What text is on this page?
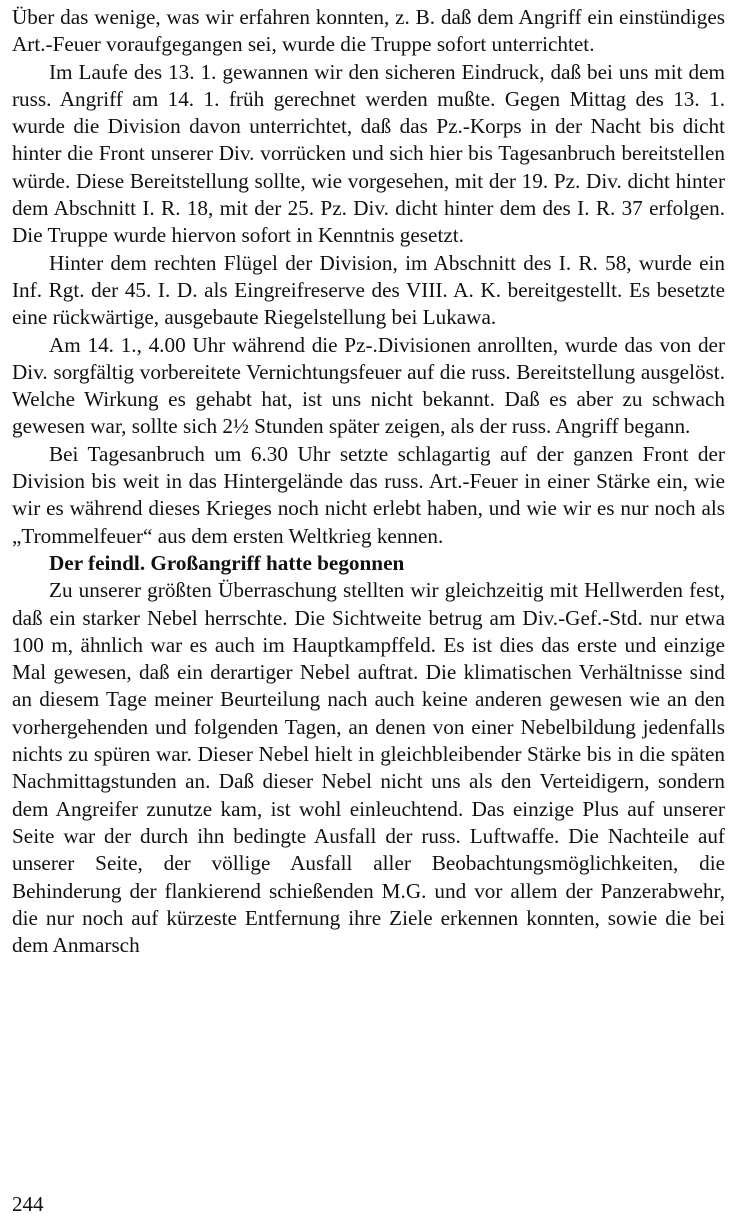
Über das wenige, was wir erfahren konnten, z. B. daß dem Angriff ein einstündiges Art.-Feuer voraufgegangen sei, wurde die Truppe sofort unterrichtet.

Im Laufe des 13. 1. gewannen wir den sicheren Eindruck, daß bei uns mit dem russ. Angriff am 14. 1. früh gerechnet werden mußte. Gegen Mittag des 13. 1. wurde die Division davon unterrichtet, daß das Pz.-Korps in der Nacht bis dicht hinter die Front unserer Div. vorrücken und sich hier bis Tagesanbruch bereitstellen würde. Diese Bereitstellung sollte, wie vorgesehen, mit der 19. Pz. Div. dicht hinter dem Abschnitt I. R. 18, mit der 25. Pz. Div. dicht hinter dem des I. R. 37 erfolgen. Die Truppe wurde hiervon sofort in Kenntnis gesetzt.

Hinter dem rechten Flügel der Division, im Abschnitt des I. R. 58, wurde ein Inf. Rgt. der 45. I. D. als Eingreifreserve des VIII. A. K. bereitgestellt. Es besetzte eine rückwärtige, ausgebaute Riegelstellung bei Lukawa.

Am 14. 1., 4.00 Uhr während die Pz-.Divisionen anrollten, wurde das von der Div. sorgfältig vorbereitete Vernichtungsfeuer auf die russ. Bereitstellung ausgelöst. Welche Wirkung es gehabt hat, ist uns nicht bekannt. Daß es aber zu schwach gewesen war, sollte sich 2½ Stunden später zeigen, als der russ. Angriff begann.

Bei Tagesanbruch um 6.30 Uhr setzte schlagartig auf der ganzen Front der Division bis weit in das Hintergelände das russ. Art.-Feuer in einer Stärke ein, wie wir es während dieses Krieges noch nicht erlebt haben, und wie wir es nur noch als „Trommelfeuer“ aus dem ersten Weltkrieg kennen.

Der feindl. Großangriff hatte begonnen

Zu unserer größten Überraschung stellten wir gleichzeitig mit Hellwerden fest, daß ein starker Nebel herrschte. Die Sichtweite betrug am Div.-Gef.-Std. nur etwa 100 m, ähnlich war es auch im Hauptkampffeld. Es ist dies das erste und einzige Mal gewesen, daß ein derartiger Nebel auftrat. Die klimatischen Verhältnisse sind an diesem Tage meiner Beurteilung nach auch keine anderen gewesen wie an den vorhergehenden und folgenden Tagen, an denen von einer Nebelbildung jedenfalls nichts zu spüren war. Dieser Nebel hielt in gleichbleibender Stärke bis in die späten Nachmittagstunden an. Daß dieser Nebel nicht uns als den Verteidigern, sondern dem Angreifer zunutze kam, ist wohl einleuchtend. Das einzige Plus auf unserer Seite war der durch ihn bedingte Ausfall der russ. Luftwaffe. Die Nachteile auf unserer Seite, der völlige Ausfall aller Beobachtungsmöglichkeiten, die Behinderung der flankierend schießenden M.G. und vor allem der Panzerabwehr, die nur noch auf kürzeste Entfernung ihre Ziele erkennen konnten, sowie die bei dem Anmarsch

244
